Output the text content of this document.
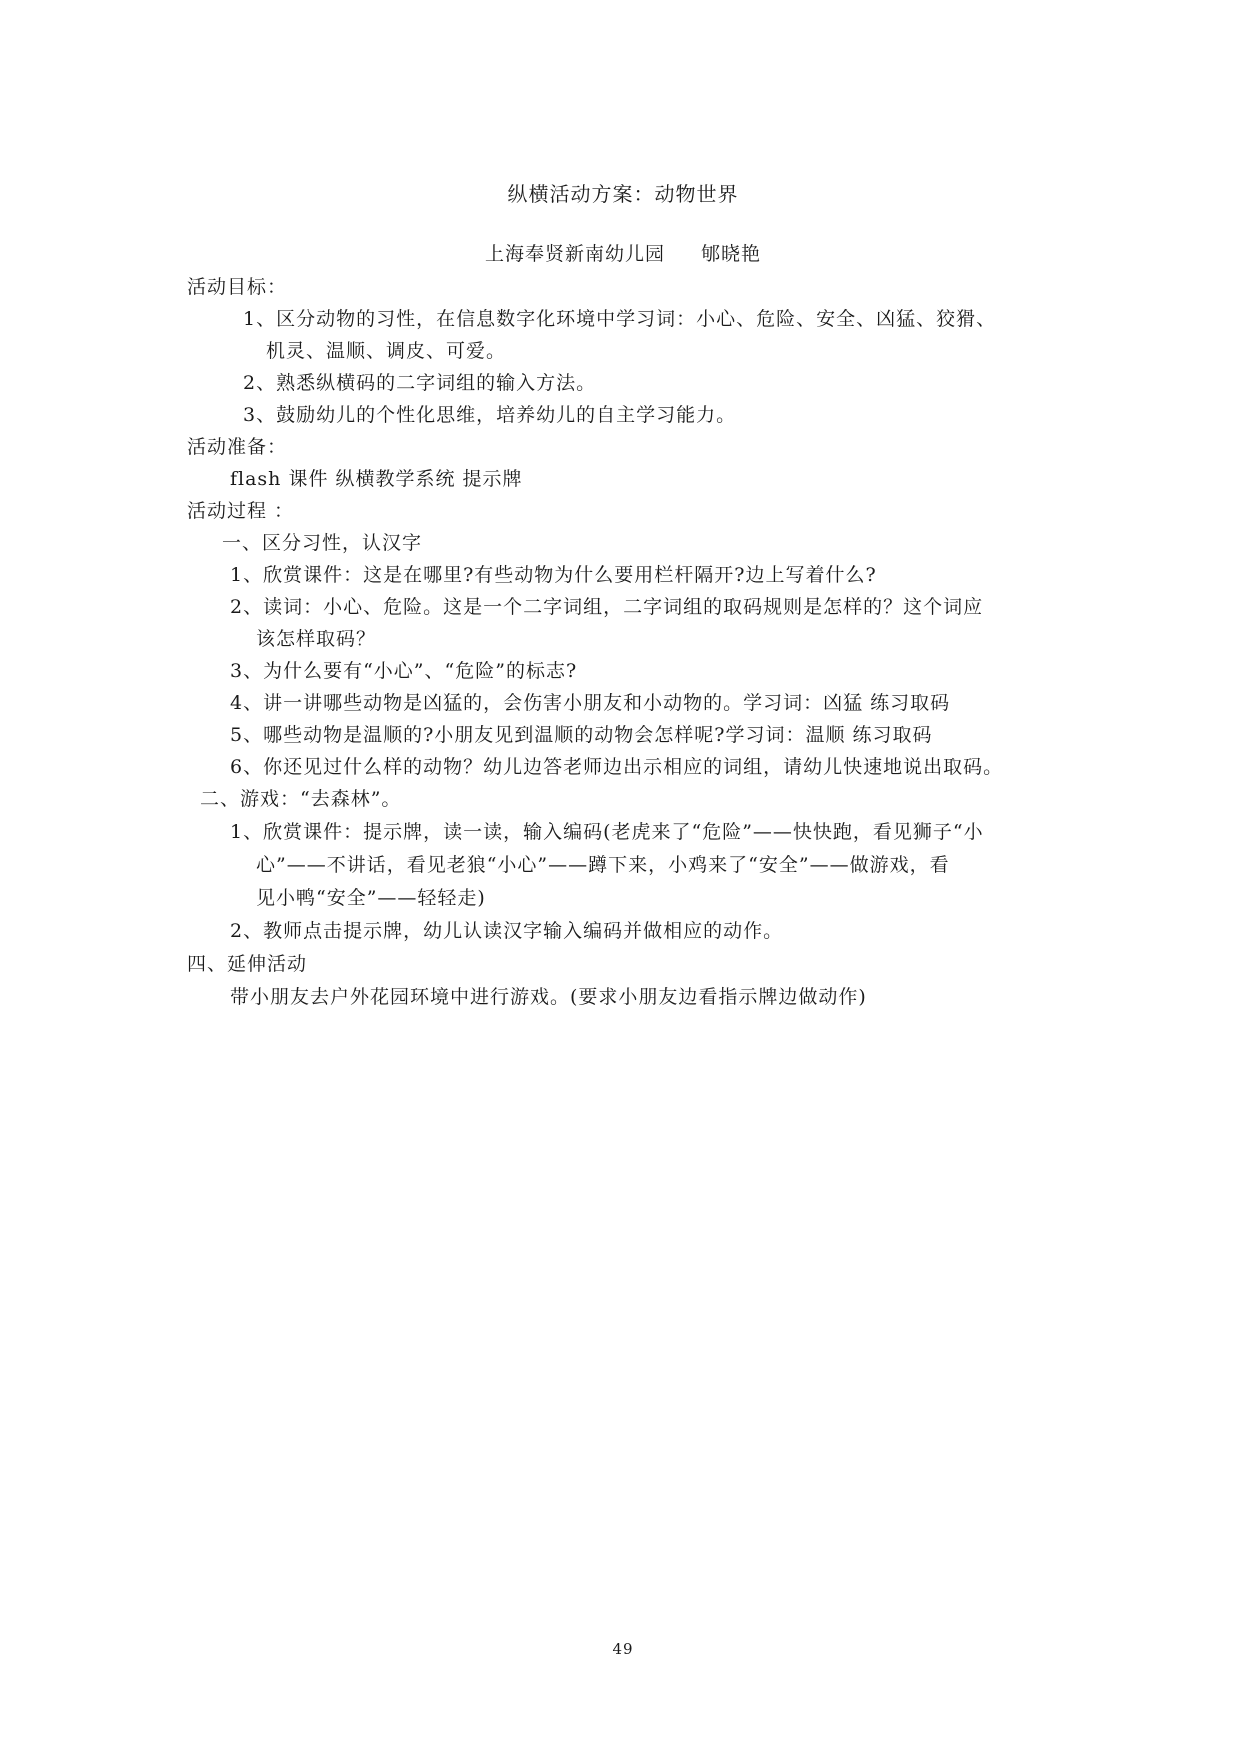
纵横活动方案：动物世界
上海奉贤新南幼儿园 郇晓艳
活动目标：
1、区分动物的习性，在信息数字化环境中学习词：小心、危险、安全、凶猛、狡猾、
机灵、温顺、调皮、可爱。
2、熟悉纵横码的二字词组的输入方法。
3、鼓励幼儿的个性化思维，培养幼儿的自主学习能力。
活动准备：
flash 课件 纵横教学系统 提示牌
活动过程 ：
一、区分习性，认汉字
1、欣赏课件：这是在哪里?有些动物为什么要用栏杆隔开?边上写着什么?
2、读词：小心、危险。这是一个二字词组，二字词组的取码规则是怎样的？这个词应
该怎样取码？
3、为什么要有“小心”、“危险”的标志?
4、讲一讲哪些动物是凶猛的，会伤害小朋友和小动物的。学习词：凶猛 练习取码
5、哪些动物是温顺的?小朋友见到温顺的动物会怎样呢?学习词：温顺 练习取码
6、你还见过什么样的动物？幼儿边答老师边出示相应的词组，请幼儿快速地说出取码。
二、游戏：“去森林”。
1、欣赏课件：提示牌，读一读，输入编码(老虎来了“危险”——快快跑，看见狮子“小
心”——不讲话，看见老狼“小心”——蹲下来，小鸡来了“安全”——做游戏，看
见小鸭“安全”——轻轻走)
2、教师点击提示牌，幼儿认读汉字输入编码并做相应的动作。
四、延伸活动
带小朋友去户外花园环境中进行游戏。(要求小朋友边看指示牌边做动作)
49
